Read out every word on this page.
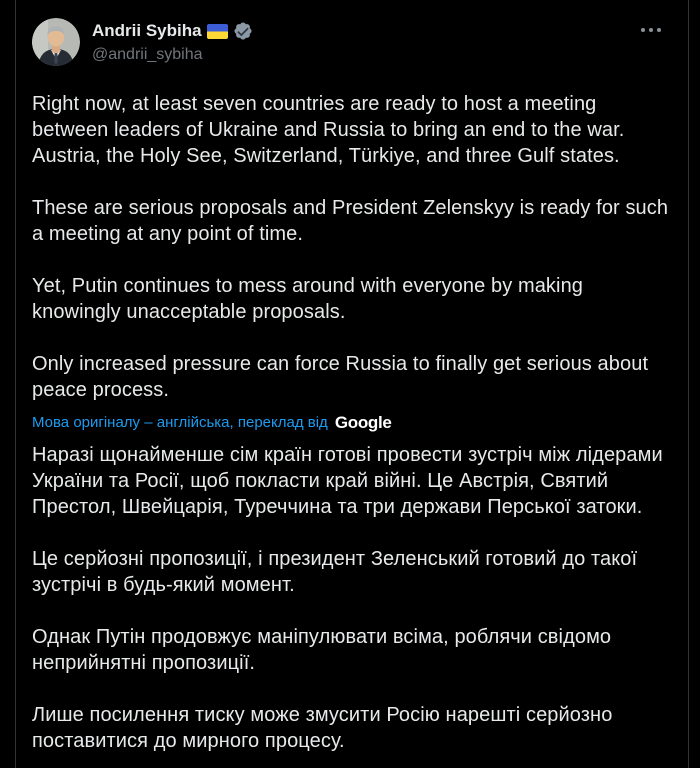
Andrii Sybiha
@andrii_sybiha

Right now, at least seven countries are ready to host a meeting between leaders of Ukraine and Russia to bring an end to the war. Austria, the Holy See, Switzerland, Türkiye, and three Gulf states.

These are serious proposals and President Zelenskyy is ready for such a meeting at any point of time.

Yet, Putin continues to mess around with everyone by making knowingly unacceptable proposals.

Only increased pressure can force Russia to finally get serious about peace process.

Мова оригіналу – англійська, переклад від Google

Наразі щонайменше сім країн готові провести зустріч між лідерами України та Росії, щоб покласти край війні. Це Австрія, Святий Престол, Швейцарія, Туреччина та три держави Перської затоки.

Це серйозні пропозиції, і президент Зеленський готовий до такої зустрічі в будь-який момент.

Однак Путін продовжує маніпулювати всіма, роблячи свідомо неприйнятні пропозиції.

Лише посилення тиску може змусити Росію нарешті серйозно поставитися до мирного процесу.
